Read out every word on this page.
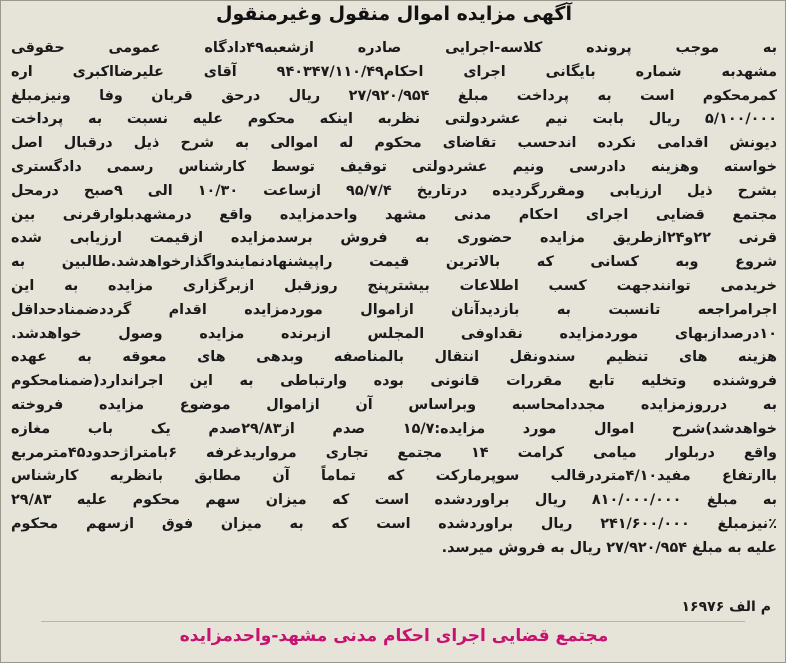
آگهی مزایده اموال منقول وغیرمنقول
به موجب پرونده کلاسه-اجرایی صادره ازشعبه۴۹دادگاه عمومی حقوقی
مشهدبه شماره بایگانی اجرای احکام۹۴۰۳۴۷/۱۱۰/۴۹ آقای علیرضااکبری اره
کمرمحکوم است به پرداخت مبلغ ۲۷/۹۲۰/۹۵۴ ریال درحق قربان وفا ونیزمبلغ
۵/۱۰۰/۰۰۰ ریال بابت نیم عشردولتی نظربه اینکه محکوم علیه نسبت به پرداخت
دیونش اقدامی نکرده اندحسب تقاضای محکوم له اموالی به شرح ذیل درقبال اصل
خواسته وهزینه دادرسی ونیم عشردولتی توقیف توسط کارشناس رسمی دادگستری
بشرح ذیل ارزیابی ومقررگردیده درتاریخ ۹۵/۷/۴ ازساعت ۱۰/۳۰ الی ۹صبح درمحل
مجتمع قضایی اجرای احکام مدنی مشهد واحدمزایده واقع درمشهدبلوارقرنی بین
قرنی ۲۲و۲۴ازطریق مزایده حضوری به فروش برسدمزایده ازقیمت ارزیابی شده
شروع وبه کسانی که بالاترین قیمت راپیشنهادنمایندواگذارخواهدشد.طالبین به
خریدمی توانندجهت کسب اطلاعات بیشترپنج روزقبل ازبرگزاری مزایده به این
اجرامراجعه تانسبت به بازدیدآنان ازاموال موردمزایده اقدام گرددضمنادحداقل
۱۰درصدازبهای موردمزایده نقداوفی المجلس ازبرنده مزایده وصول خواهدشد.
هزینه های تنظیم سندونقل انتقال بالمناصفه وبدهی های معوقه به عهده
فروشنده وتخلیه تابع مقررات قانونی بوده وارتباطی به این اجراندارد(ضمنامحکوم
به درروزمزایده مجددامحاسبه وبراساس آن ازاموال موضوع مزایده فروخته
خواهدشد)شرح اموال مورد مزایده:۱۵/۷ صدم از۲۹/۸۳صدم یک باب مغازه
واقع دربلوار میامی کرامت ۱۴ مجتمع تجاری مرواریدغرفه ۶بامتراژحدود۴۵مترمربع
باارتفاع مفید۴/۱۰متردرقالب سوپرمارکت که تماماً آن مطابق بانظریه کارشناس
به مبلغ ۸۱۰/۰۰۰/۰۰۰ ریال براوردشده است که میزان سهم محکوم علیه ۲۹/۸۳
٪نیزمبلغ ۲۴۱/۶۰۰/۰۰۰ ریال براوردشده است که به میزان فوق ازسهم محکوم
علیه به مبلغ ۲۷/۹۲۰/۹۵۴ ریال به فروش میرسد.
م الف ۱۶۹۷۶
مجتمع قضایی اجرای احکام مدنی مشهد-واحدمزایده
